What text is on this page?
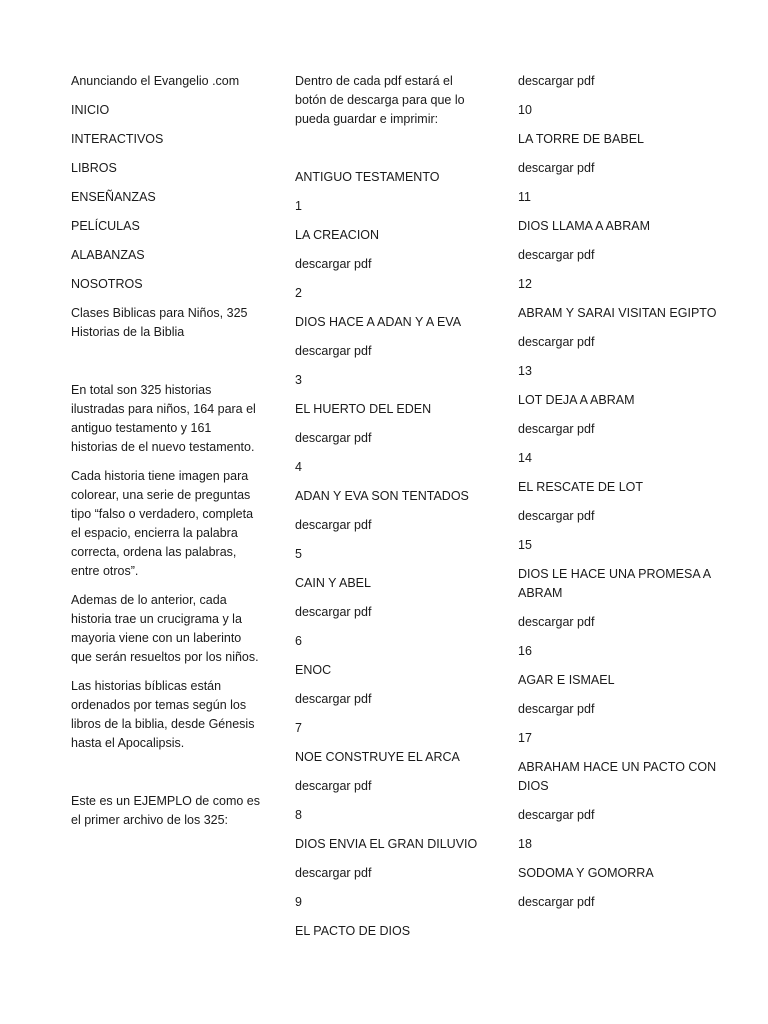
Anunciando el Evangelio .com

INICIO

INTERACTIVOS

LIBROS

ENSEÑANZAS

PELÍCULAS

ALABANZAS

NOSOTROS

Clases Biblicas para Niños, 325 Historias de la Biblia

En total son 325 historias ilustradas para niños, 164 para el antiguo testamento y 161 historias de el nuevo testamento.

Cada historia tiene imagen para colorear, una serie de preguntas tipo “falso o verdadero, completa el espacio, encierra la palabra correcta, ordena las palabras, entre otros”.

Ademas de lo anterior, cada historia trae un crucigrama y la mayoria viene con un laberinto que serán resueltos por los niños.

Las historias bíblicas están ordenados por temas según los libros de la biblia, desde Génesis hasta el Apocalipsis.

Este es un EJEMPLO de como es el primer archivo de los 325:

Dentro de cada pdf estará el botón de descarga para que lo pueda guardar e imprimir:

ANTIGUO TESTAMENTO

1

LA CREACION

descargar pdf

2

DIOS HACE A ADAN Y A EVA

descargar pdf

3

EL HUERTO DEL EDEN

descargar pdf

4

ADAN Y EVA SON TENTADOS

descargar pdf

5

CAIN Y ABEL

descargar pdf

6

ENOC

descargar pdf

7

NOE CONSTRUYE EL ARCA

descargar pdf

8

DIOS ENVIA EL GRAN DILUVIO

descargar pdf

9

EL PACTO DE DIOS

descargar pdf

10

LA TORRE DE BABEL

descargar pdf

11

DIOS LLAMA A ABRAM

descargar pdf

12

ABRAM Y SARAI VISITAN EGIPTO

descargar pdf

13

LOT DEJA A ABRAM

descargar pdf

14

EL RESCATE DE LOT

descargar pdf

15

DIOS LE HACE UNA PROMESA A ABRAM

descargar pdf

16

AGAR E ISMAEL

descargar pdf

17

ABRAHAM HACE UN PACTO CON DIOS

descargar pdf

18

SODOMA Y GOMORRA

descargar pdf
